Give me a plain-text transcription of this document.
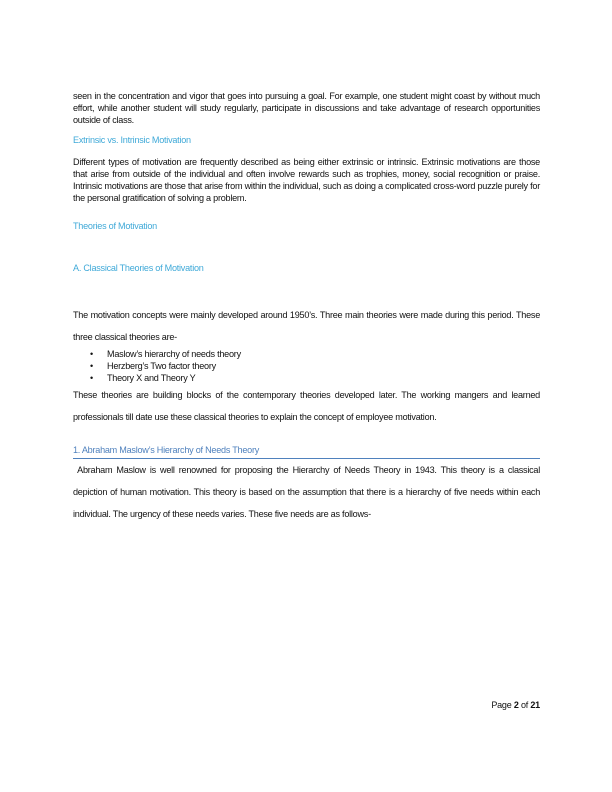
seen in the concentration and vigor that goes into pursuing a goal. For example, one student might coast by without much effort, while another student will study regularly, participate in discussions and take advantage of research opportunities outside of class.

Extrinsic vs. Intrinsic Motivation

Different types of motivation are frequently described as being either extrinsic or intrinsic. Extrinsic motivations are those that arise from outside of the individual and often involve rewards such as trophies, money, social recognition or praise. Intrinsic motivations are those that arise from within the individual, such as doing a complicated cross-word puzzle purely for the personal gratification of solving a problem.

Theories of Motivation
A. Classical Theories of Motivation

The motivation concepts were mainly developed around 1950’s. Three main theories were made during this period. These three classical theories are-

• Maslow’s hierarchy of needs theory
• Herzberg’s Two factor theory
• Theory X and Theory Y

These theories are building blocks of the contemporary theories developed later. The working mangers and learned professionals till date use these classical theories to explain the concept of employee motivation.

1. Abraham Maslow’s Hierarchy of Needs Theory

Abraham Maslow is well renowned for proposing the Hierarchy of Needs Theory in 1943. This theory is a classical depiction of human motivation. This theory is based on the assumption that there is a hierarchy of five needs within each individual. The urgency of these needs varies. These five needs are as follows-

Page 2 of 21
